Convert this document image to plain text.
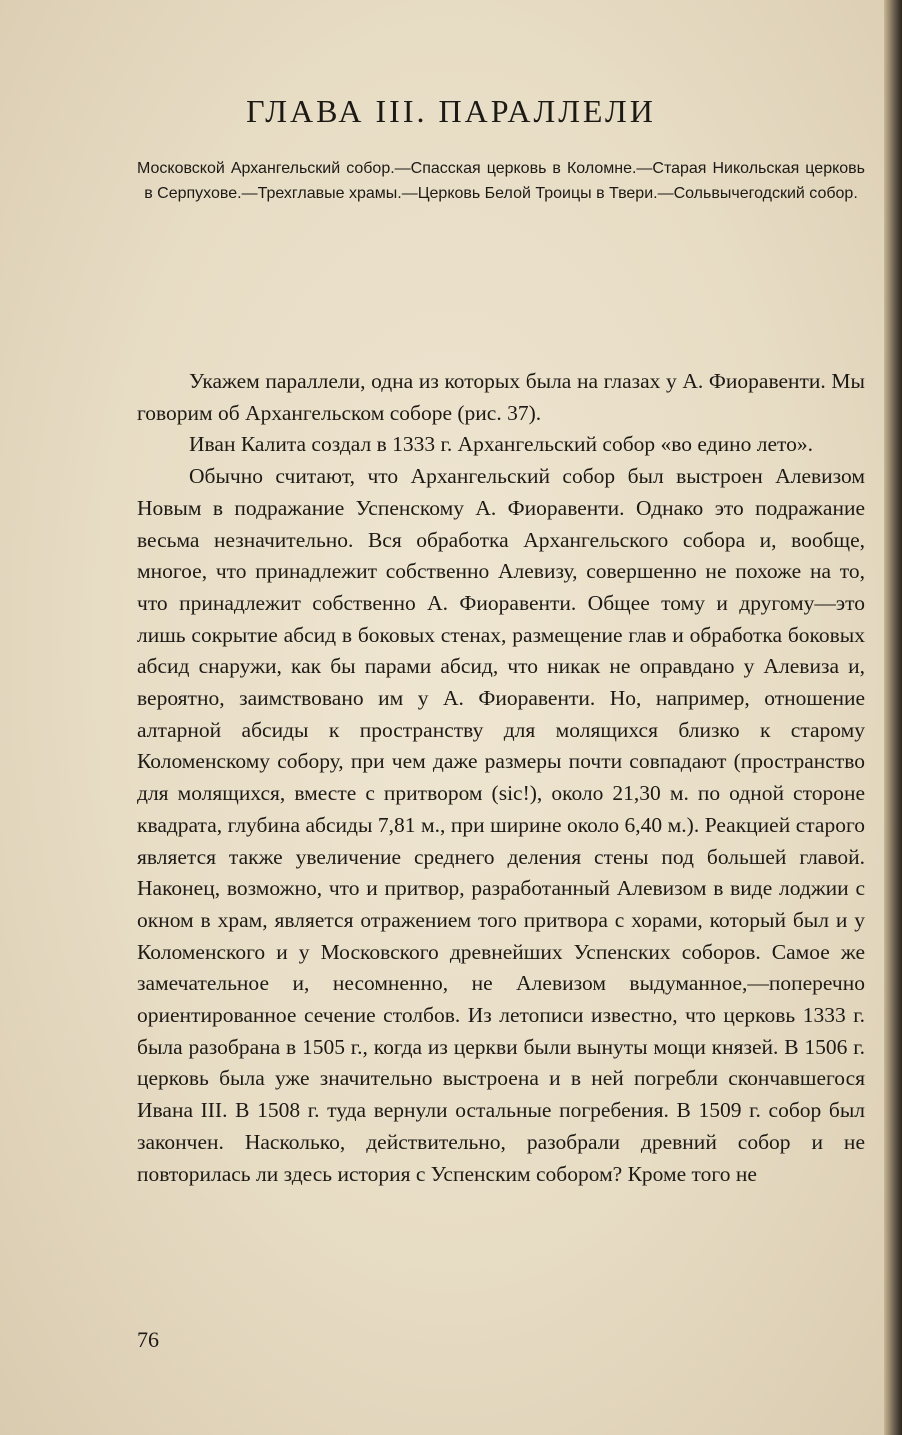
ГЛАВА III. ПАРАЛЛЕЛИ

Московской Архангельский собор.—Спасская церковь в Коломне.—Старая Никольская церковь в Серпухове.—Трехглавые храмы.—Церковь Белой Троицы в Твери.—Сольвычегодский собор.

Укажем параллели, одна из которых была на глазах у А. Фиоравенти. Мы говорим об Архангельском соборе (рис. 37).

Иван Калита создал в 1333 г. Архангельский собор «во едино лето».

Обычно считают, что Архангельский собор был выстроен Алевизом Новым в подражание Успенскому А. Фиоравенти. Однако это подражание весьма незначительно. Вся обработка Архангельского собора и, вообще, многое, что принадлежит собственно Алевизу, совершенно не похоже на то, что принадлежит собственно А. Фиоравенти. Общее тому и другому—это лишь сокрытие абсид в боковых стенах, размещение глав и обработка боковых абсид снаружи, как бы парами абсид, что никак не оправдано у Алевиза и, вероятно, заимствовано им у А. Фиоравенти. Но, например, отношение алтарной абсиды к пространству для молящихся близко к старому Коломенскому собору, при чем даже размеры почти совпадают (пространство для молящихся, вместе с притвором (sic!), около 21,30 м. по одной стороне квадрата, глубина абсиды 7,81 м., при ширине около 6,40 м.). Реакцией старого является также увеличение среднего деления стены под большей главой. Наконец, возможно, что и притвор, разработанный Алевизом в виде лоджии с окном в храм, является отражением того притвора с хорами, который был и у Коломенского и у Московского древнейших Успенских соборов. Самое же замечательное и, несомненно, не Алевизом выдуманное,—поперечно ориентированное сечение столбов. Из летописи известно, что церковь 1333 г. была разобрана в 1505 г., когда из церкви были вынуты мощи князей. В 1506 г. церковь была уже значительно выстроена и в ней погребли скончавшегося Ивана III. В 1508 г. туда вернули остальные погребения. В 1509 г. собор был закончен. Насколько, действительно, разобрали древний собор и не повторилась ли здесь история с Успенским собором? Кроме того не

76
